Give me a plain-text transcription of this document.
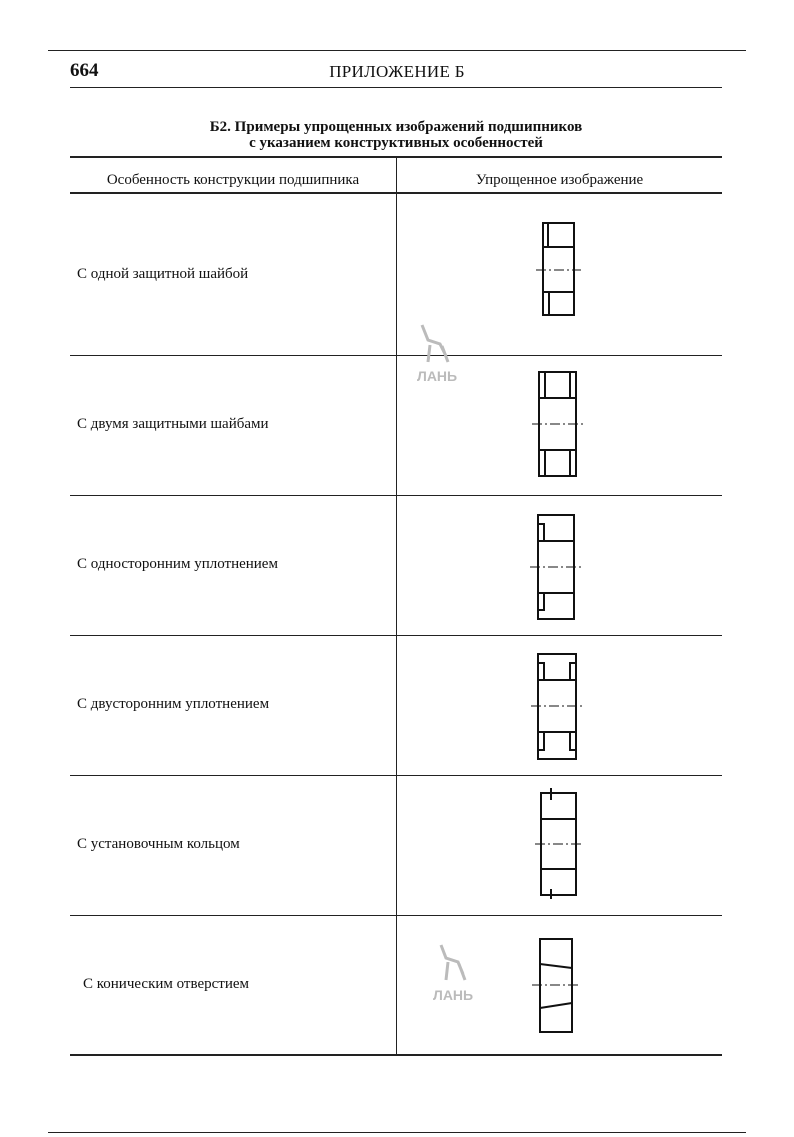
664	ПРИЛОЖЕНИЕ Б
Б2. Примеры упрощенных изображений подшипников
с указанием конструктивных особенностей
Особенность конструкции подшипника	Упрощенное изображение
С одной защитной шайбой
С двумя защитными шайбами
С односторонним уплотнением
С двусторонним уплотнением
С установочным кольцом
С коническим отверстием
ЛАНЬ
ЛАНЬ
